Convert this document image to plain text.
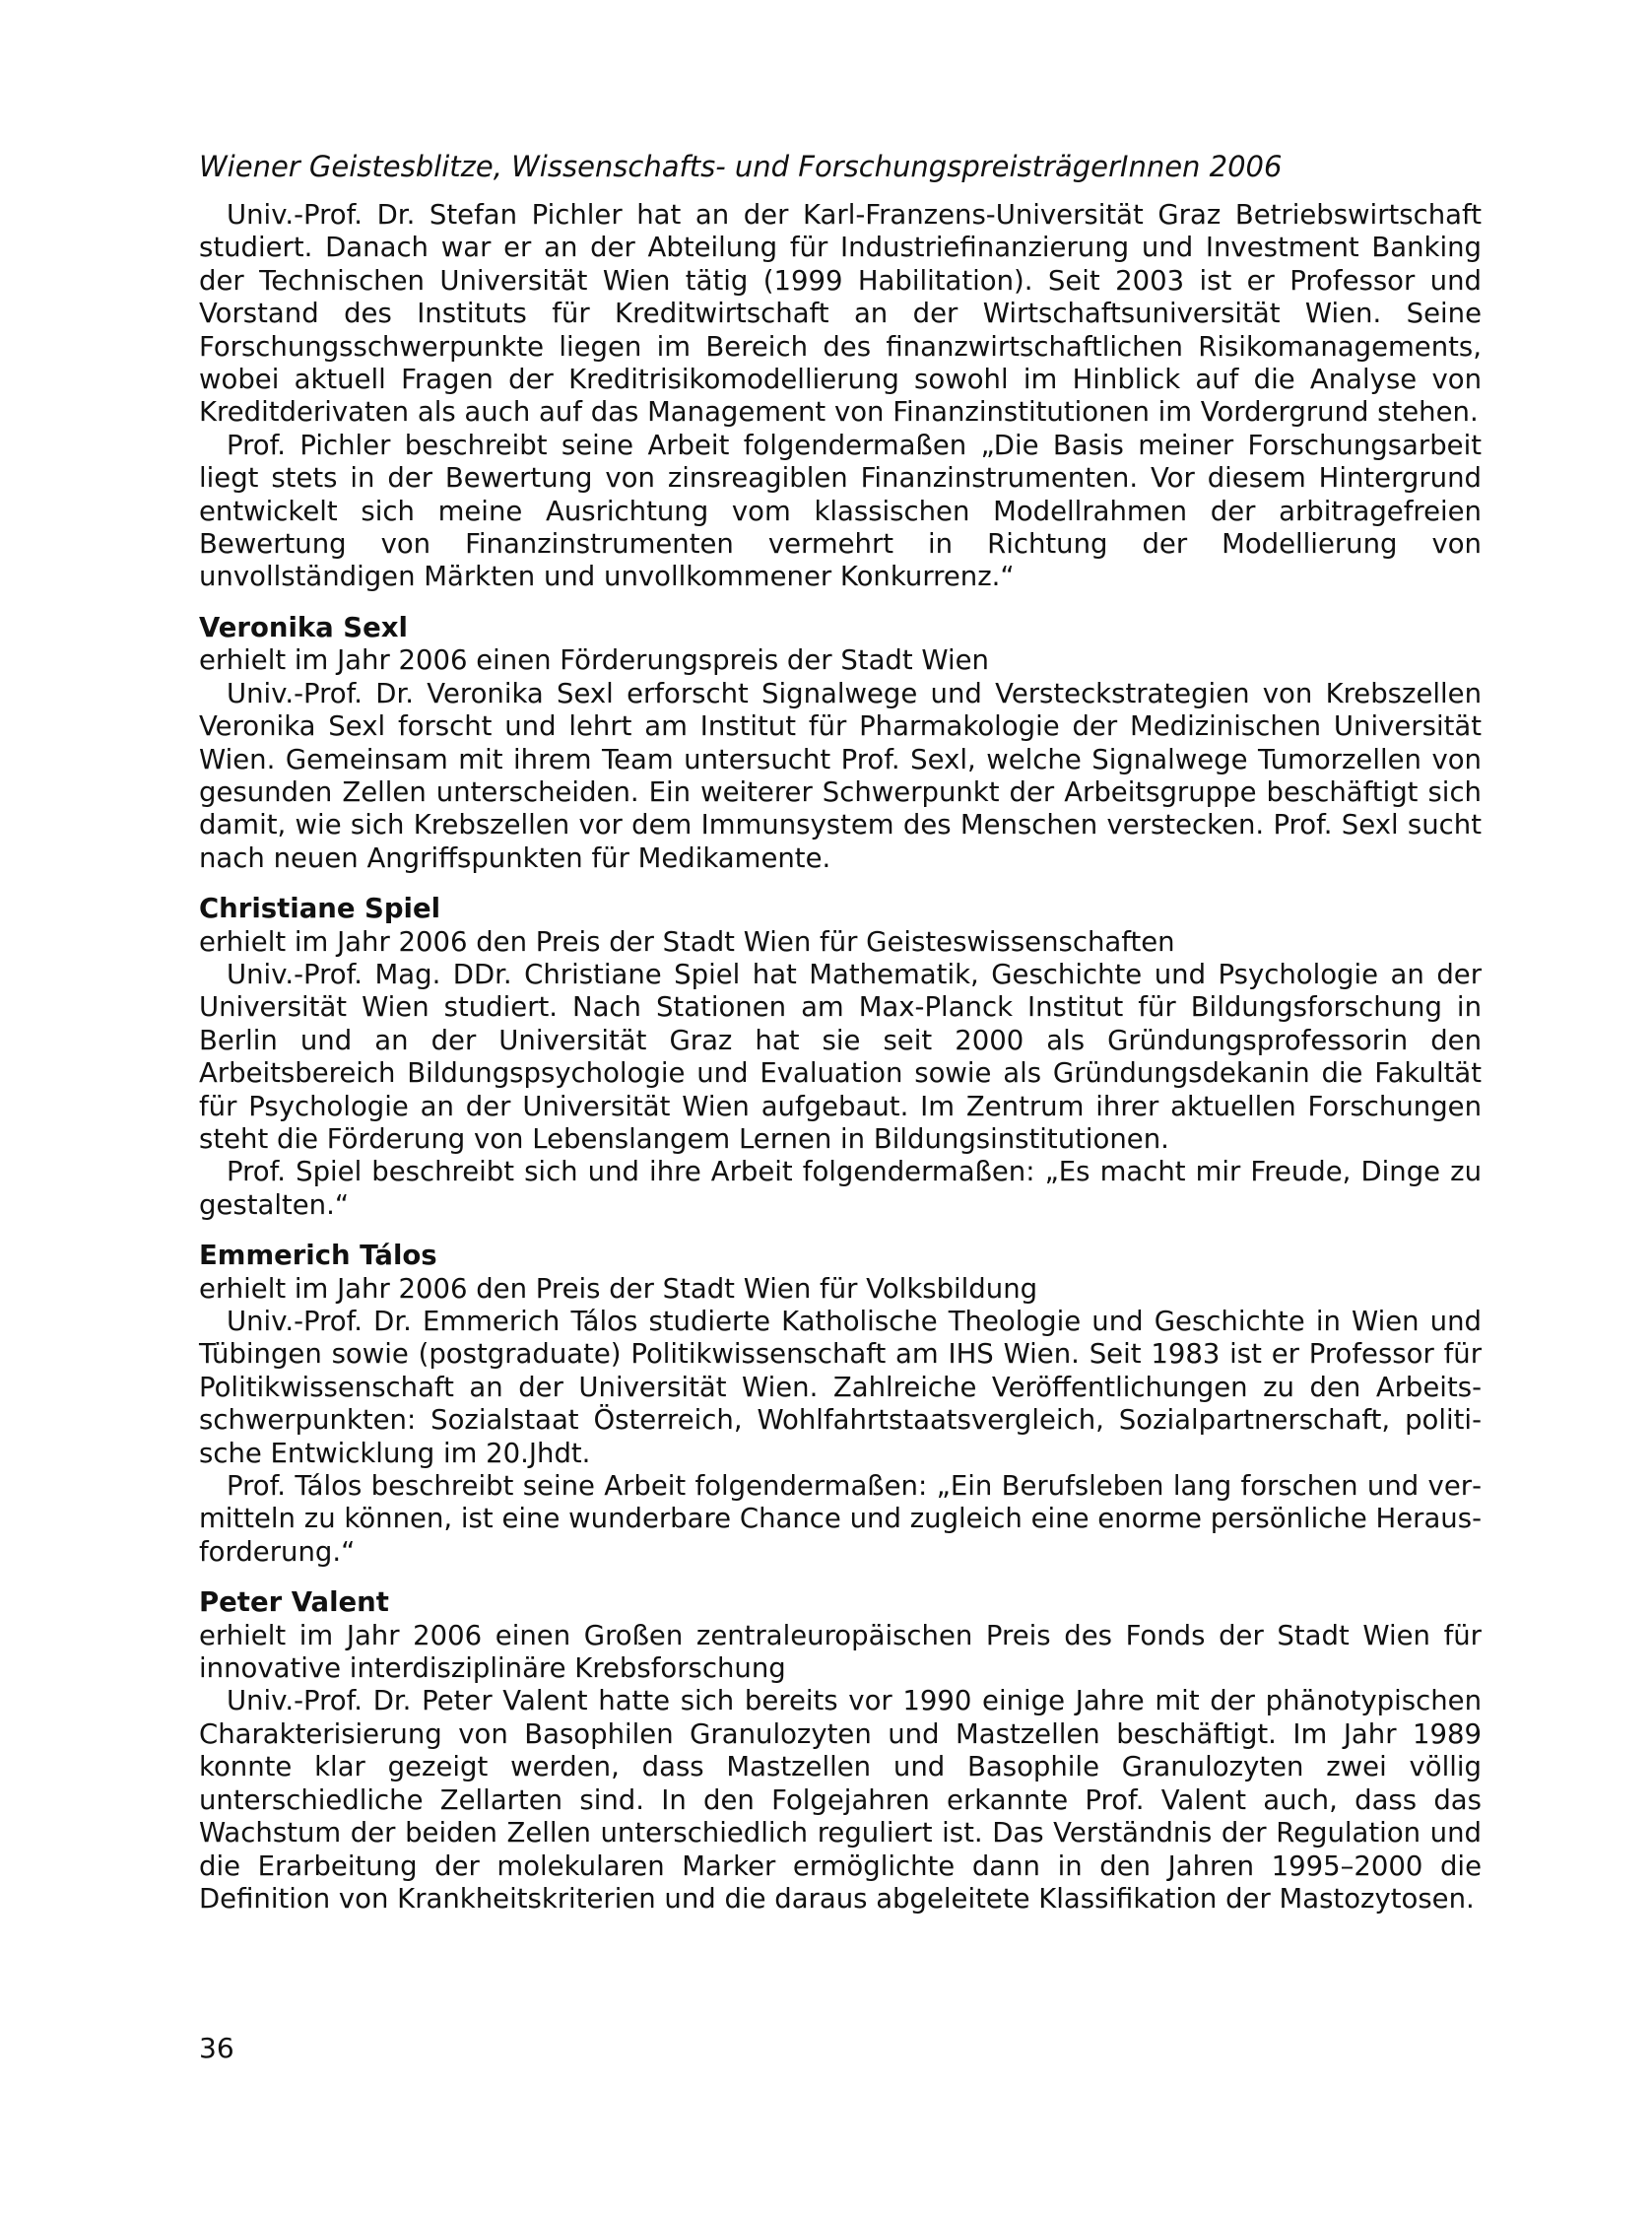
Wiener Geistesblitze, Wissenschafts- und ForschungspreisträgerInnen 2006

Univ.-Prof. Dr. Stefan Pichler hat an der Karl-Franzens-Universität Graz Betriebswirtschaft studiert. Danach war er an der Abteilung für Industriefinanzierung und Investment Banking der Technischen Universität Wien tätig (1999 Habilitation). Seit 2003 ist er Professor und Vorstand des Instituts für Kreditwirtschaft an der Wirtschaftsuniversität Wien. Seine Forschungsschwerpunkte liegen im Bereich des finanzwirtschaftlichen Risikomanagements, wobei aktuell Fragen der Kreditrisikomodellierung sowohl im Hinblick auf die Analyse von Kreditderivaten als auch auf das Management von Finanzinstitutionen im Vordergrund stehen.

Prof. Pichler beschreibt seine Arbeit folgendermaßen „Die Basis meiner Forschungsarbeit liegt stets in der Bewertung von zinsreagiblen Finanzinstrumenten. Vor diesem Hintergrund entwickelt sich meine Ausrichtung vom klassischen Modellrahmen der arbitragefreien Bewertung von Finanzinstrumenten vermehrt in Richtung der Modellierung von unvollständigen Märkten und unvollkommener Konkurrenz.“

Veronika Sexl

erhielt im Jahr 2006 einen Förderungspreis der Stadt Wien

Univ.-Prof. Dr. Veronika Sexl erforscht Signalwege und Versteckstrategien von Krebszellen Veronika Sexl forscht und lehrt am Institut für Pharmakologie der Medizinischen Universität Wien. Gemeinsam mit ihrem Team untersucht Prof. Sexl, welche Signalwege Tumorzellen von gesunden Zellen unterscheiden. Ein weiterer Schwerpunkt der Arbeitsgruppe beschäftigt sich damit, wie sich Krebszellen vor dem Immunsystem des Menschen verstecken. Prof. Sexl sucht nach neuen Angriffspunkten für Medikamente.

Christiane Spiel

erhielt im Jahr 2006 den Preis der Stadt Wien für Geisteswissenschaften

Univ.-Prof. Mag. DDr. Christiane Spiel hat Mathematik, Geschichte und Psychologie an der Universität Wien studiert. Nach Stationen am Max-Planck Institut für Bildungsforschung in Berlin und an der Universität Graz hat sie seit 2000 als Gründungsprofessorin den Arbeitsbereich Bildungspsychologie und Evaluation sowie als Gründungsdekanin die Fakultät für Psychologie an der Universität Wien aufgebaut. Im Zentrum ihrer aktuellen Forschungen steht die Förderung von Lebenslangem Lernen in Bildungsinstitutionen.

Prof. Spiel beschreibt sich und ihre Arbeit folgendermaßen: „Es macht mir Freude, Dinge zu gestalten.“

Emmerich Tálos

erhielt im Jahr 2006 den Preis der Stadt Wien für Volksbildung

Univ.-Prof. Dr. Emmerich Tálos studierte Katholische Theologie und Geschichte in Wien und Tübingen sowie (postgraduate) Politikwissenschaft am IHS Wien. Seit 1983 ist er Professor für Politikwissenschaft an der Universität Wien. Zahlreiche Veröffentlichungen zu den Arbeitsschwerpunkten: Sozialstaat Österreich, Wohlfahrtstaatsvergleich, Sozialpartnerschaft, politische Entwicklung im 20.Jhdt.

Prof. Tálos beschreibt seine Arbeit folgendermaßen: „Ein Berufsleben lang forschen und vermitteln zu können, ist eine wunderbare Chance und zugleich eine enorme persönliche Herausforderung.“

Peter Valent

erhielt im Jahr 2006 einen Großen zentraleuropäischen Preis des Fonds der Stadt Wien für innovative interdisziplinäre Krebsforschung

Univ.-Prof. Dr. Peter Valent hatte sich bereits vor 1990 einige Jahre mit der phänotypischen Charakterisierung von Basophilen Granulozyten und Mastzellen beschäftigt. Im Jahr 1989 konnte klar gezeigt werden, dass Mastzellen und Basophile Granulozyten zwei völlig unterschiedliche Zellarten sind. In den Folgejahren erkannte Prof. Valent auch, dass das Wachstum der beiden Zellen unterschiedlich reguliert ist. Das Verständnis der Regulation und die Erarbeitung der molekularen Marker ermöglichte dann in den Jahren 1995–2000 die Definition von Krankheitskriterien und die daraus abgeleitete Klassifikation der Mastozytosen.

36
